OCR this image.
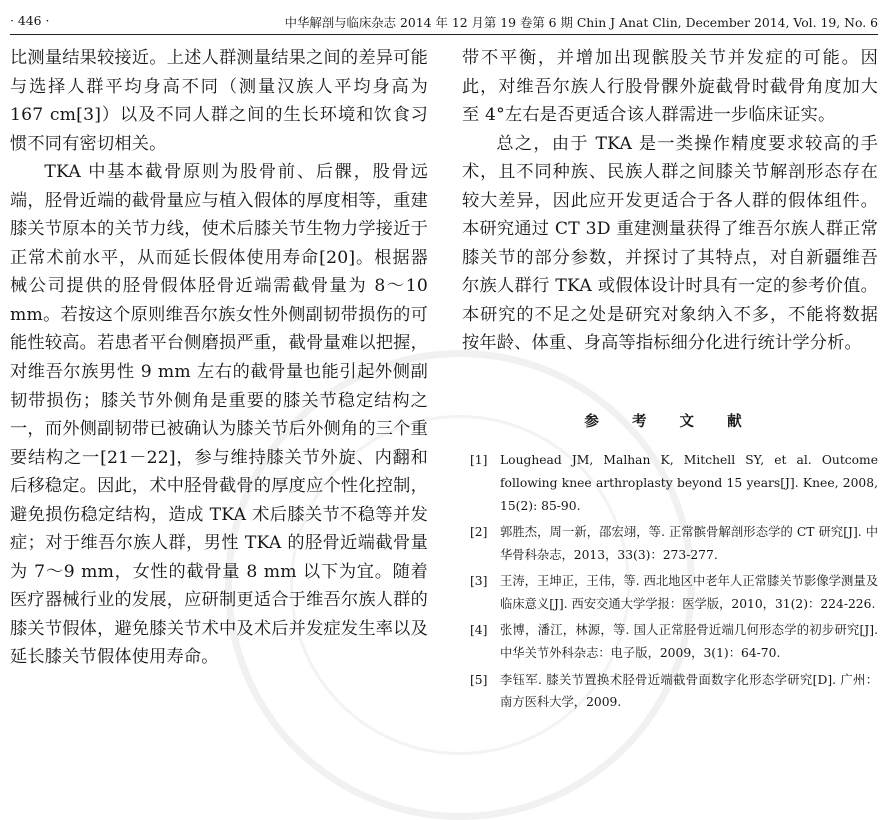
· 446 ·	中华解剖与临床杂志 2014 年 12 月第 19 卷第 6 期 Chin J Anat Clin, December 2014, Vol. 19, No. 6

比测量结果较接近。上述人群测量结果之间的差异可能与选择人群平均身高不同（测量汉族人平均身高为 167 cm[3]）以及不同人群之间的生长环境和饮食习惯不同有密切相关。

TKA 中基本截骨原则为股骨前、后髁，股骨远端，胫骨近端的截骨量应与植入假体的厚度相等，重建膝关节原本的关节力线，使术后膝关节生物力学接近于正常术前水平，从而延长假体使用寿命[20]。根据器械公司提供的胫骨假体胫骨近端需截骨量为 8～10 mm。若按这个原则维吾尔族女性外侧副韧带损伤的可能性较高。若患者平台侧磨损严重，截骨量难以把握，对维吾尔族男性 9 mm 左右的截骨量也能引起外侧副韧带损伤；膝关节外侧角是重要的膝关节稳定结构之一，而外侧副韧带已被确认为膝关节后外侧角的三个重要结构之一[21－22]，参与维持膝关节外旋、内翻和后移稳定。因此，术中胫骨截骨的厚度应个性化控制，避免损伤稳定结构，造成 TKA 术后膝关节不稳等并发症；对于维吾尔族人群，男性 TKA 的胫骨近端截骨量为 7～9 mm，女性的截骨量 8 mm 以下为宜。随着医疗器械行业的发展，应研制更适合于维吾尔族人群的膝关节假体，避免膝关节术中及术后并发症发生率以及延长膝关节假体使用寿命。

带不平衡，并增加出现髌股关节并发症的可能。因此，对维吾尔族人行股骨髁外旋截骨时截骨角度加大至 4°左右是否更适合该人群需进一步临床证实。

总之，由于 TKA 是一类操作精度要求较高的手术，且不同种族、民族人群之间膝关节解剖形态存在较大差异，因此应开发更适合于各人群的假体组件。本研究通过 CT 3D 重建测量获得了维吾尔族人群正常膝关节的部分参数，并探讨了其特点，对自新疆维吾尔族人群行 TKA 或假体设计时具有一定的参考价值。本研究的不足之处是研究对象纳入不多，不能将数据按年龄、体重、身高等指标细分化进行统计学分析。

参 考 文 献
[1] Loughead JM, Malhan K, Mitchell SY, et al. Outcome following knee arthroplasty beyond 15 years[J]. Knee, 2008, 15(2): 85-90.
[2] 郭胜杰，周一新，邵宏翊，等. 正常髌骨解剖形态学的 CT 研究[J]. 中华骨科杂志，2013，33(3)：273-277.
[3] 王涛，王坤正，王伟，等. 西北地区中老年人正常膝关节影像学测量及临床意义[J]. 西安交通大学学报：医学版，2010，31(2)：224-226.
[4] 张博，潘江，林源，等. 国人正常胫骨近端几何形态学的初步研究[J]. 中华关节外科杂志：电子版，2009，3(1)：64-70.
[5] 李钰军. 膝关节置换术胫骨近端截骨面数字化形态学研究[D]. 广州：南方医科大学，2009.
